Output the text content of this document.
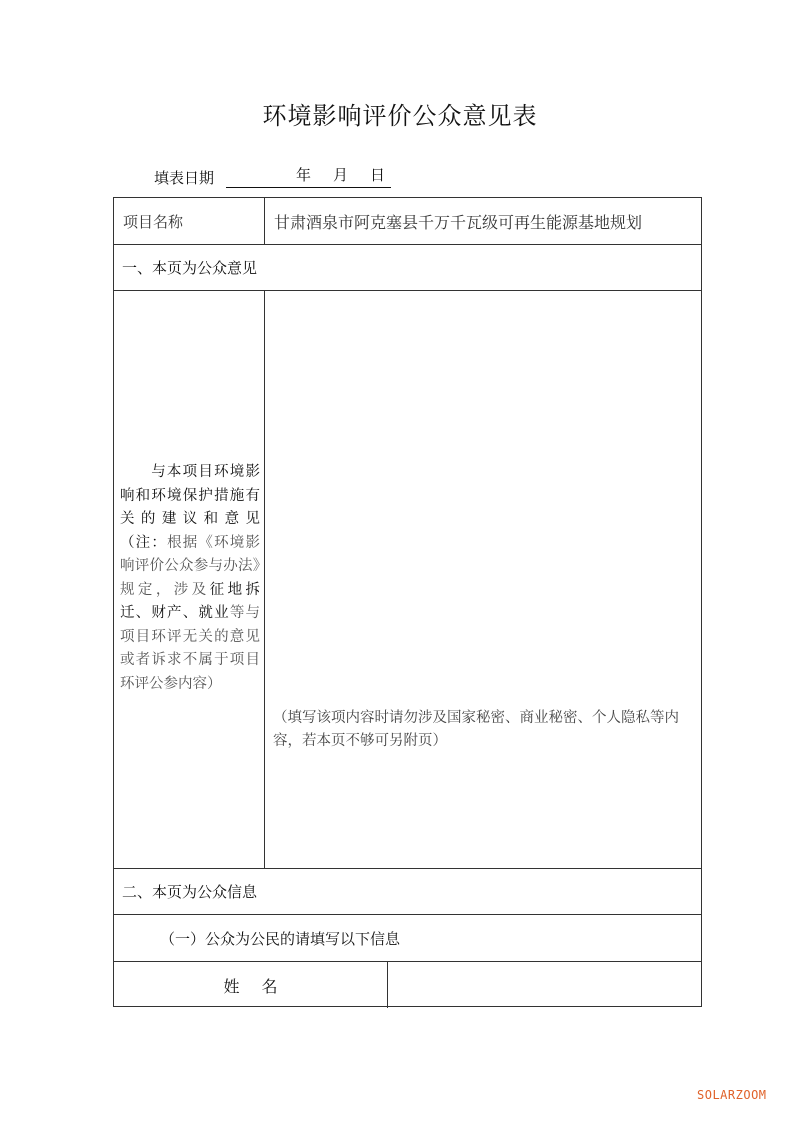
环境影响评价公众意见表
填表日期	年 月 日
项目名称	甘肃酒泉市阿克塞县千万千瓦级可再生能源基地规划
一、本页为公众意见
与本项目环境影响和环境保护措施有关的建议和意见（注：根据《环境影响评价公众参与办法》规定，涉及征地拆迁、财产、就业等与项目环评无关的意见或者诉求不属于项目环评公参内容）
（填写该项内容时请勿涉及国家秘密、商业秘密、个人隐私等内容，若本页不够可另附页）
二、本页为公众信息
（一）公众为公民的请填写以下信息
姓名
SOLARZOOM
